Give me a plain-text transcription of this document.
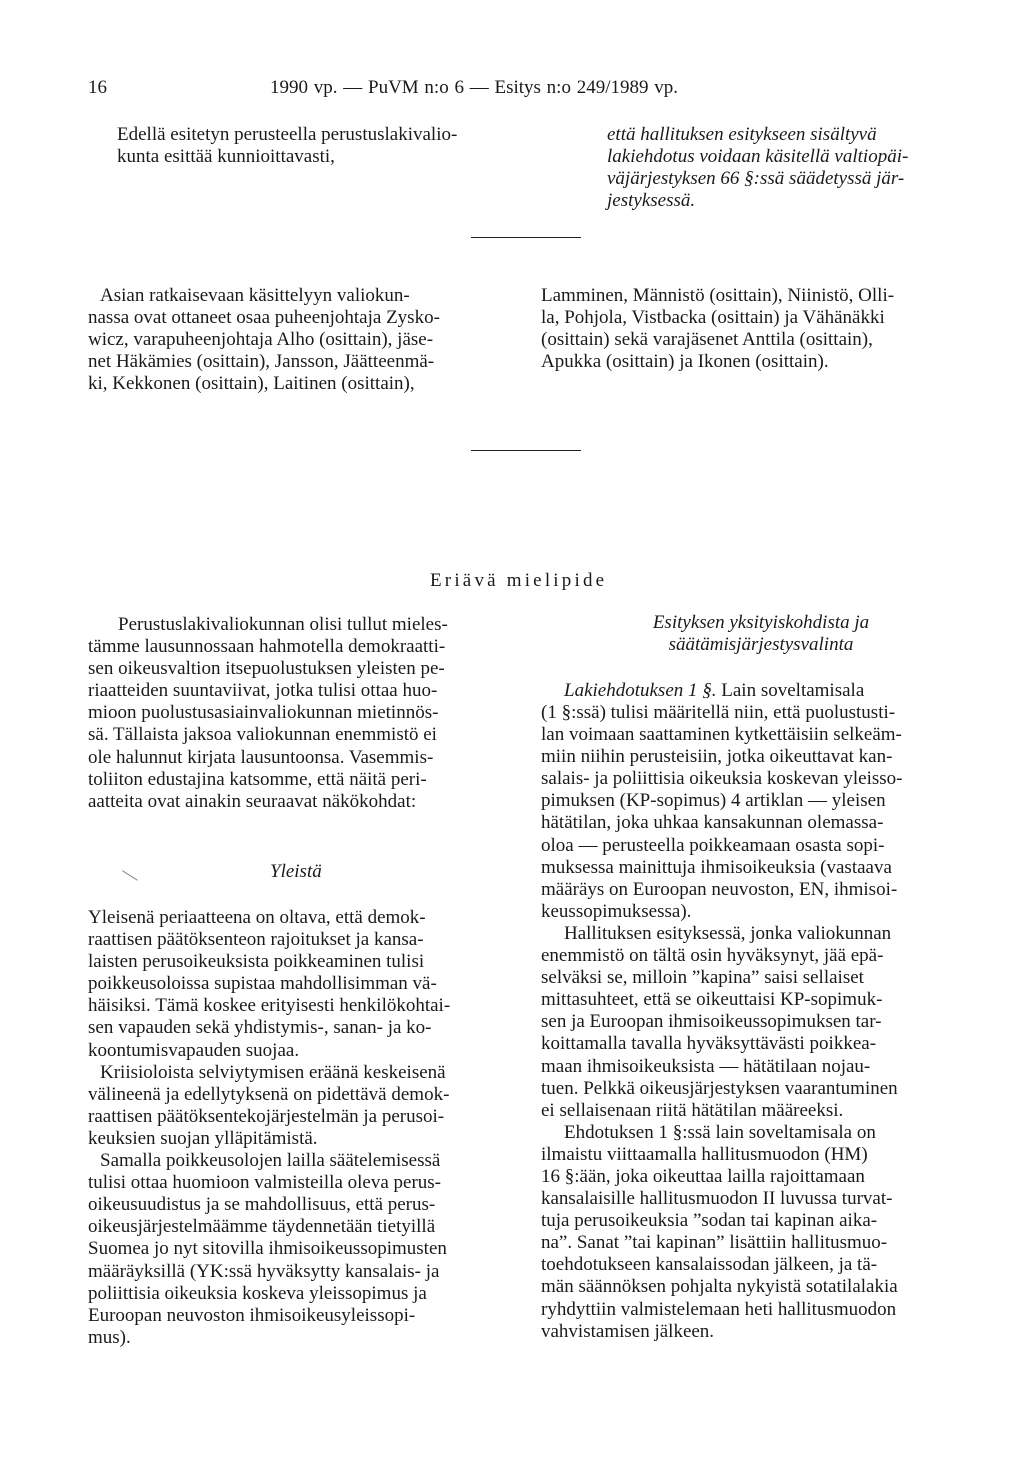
16	1990 vp. — PuVM n:o 6 — Esitys n:o 249/1989 vp.
Edellä esitetyn perusteella perustuslakivalio-
kunta esittää kunnioittavasti,
että hallituksen esitykseen sisältyvä
lakiehdotus voidaan käsitellä valtiopäi-
väjärjestyksen 66 §:ssä säädetyssä jär-
jestyksessä.
Asian ratkaisevaan käsittelyyn valiokun-
nassa ovat ottaneet osaa puheenjohtaja Zysko-
wicz, varapuheenjohtaja Alho (osittain), jäse-
net Häkämies (osittain), Jansson, Jäätteenmä-
ki, Kekkonen (osittain), Laitinen (osittain),
Lamminen, Männistö (osittain), Niinistö, Olli-
la, Pohjola, Vistbacka (osittain) ja Vähänäkki
(osittain) sekä varajäsenet Anttila (osittain),
Apukka (osittain) ja Ikonen (osittain).
Eriävä mielipide
Perustuslakivaliokunnan olisi tullut mieles-
tämme lausunnossaan hahmotella demokraatti-
sen oikeusvaltion itsepuolustuksen yleisten pe-
riaatteiden suuntaviivat, jotka tulisi ottaa huo-
mioon puolustusasiainvaliokunnan mietinnös-
sä. Tällaista jaksoa valiokunnan enemmistö ei
ole halunnut kirjata lausuntoonsa. Vasemmis-
toliiton edustajina katsomme, että näitä peri-
aatteita ovat ainakin seuraavat näkökohdat:
Yleistä
Yleisenä periaatteena on oltava, että demok-
raattisen päätöksenteon rajoitukset ja kansa-
laisten perusoikeuksista poikkeaminen tulisi
poikkeusoloissa supistaa mahdollisimman vä-
häisiksi. Tämä koskee erityisesti henkilökohtai-
sen vapauden sekä yhdistymis-, sanan- ja ko-
koontumisvapauden suojaa.
Kriisioloista selviytymisen eräänä keskeisenä
välineenä ja edellytyksenä on pidettävä demok-
raattisen päätöksentekojärjestelmän ja perusoi-
keuksien suojan ylläpitämistä.
Samalla poikkeusolojen lailla säätelemisessä
tulisi ottaa huomioon valmisteilla oleva perus-
oikeusuudistus ja se mahdollisuus, että perus-
oikeusjärjestelmäämme täydennetään tietyillä
Suomea jo nyt sitovilla ihmisoikeussopimusten
määräyksillä (YK:ssä hyväksytty kansalais- ja
poliittisia oikeuksia koskeva yleissopimus ja
Euroopan neuvoston ihmisoikeusyleissopi-
mus).
Esityksen yksityiskohdista ja
säätämisjärjestysvalinta
Lakiehdotuksen 1 §. Lain soveltamisala
(1 §:ssä) tulisi määritellä niin, että puolustusti-
lan voimaan saattaminen kytkettäisiin selkeäm-
miin niihin perusteisiin, jotka oikeuttavat kan-
salais- ja poliittisia oikeuksia koskevan yleisso-
pimuksen (KP-sopimus) 4 artiklan — yleisen
hätätilan, joka uhkaa kansakunnan olemassa-
oloa — perusteella poikkeamaan osasta sopi-
muksessa mainittuja ihmisoikeuksia (vastaava
määräys on Euroopan neuvoston, EN, ihmisoi-
keussopimuksessa).
Hallituksen esityksessä, jonka valiokunnan
enemmistö on tältä osin hyväksynyt, jää epä-
selväksi se, milloin ”kapina” saisi sellaiset
mittasuhteet, että se oikeuttaisi KP-sopimuk-
sen ja Euroopan ihmisoikeussopimuksen tar-
koittamalla tavalla hyväksyttävästi poikkea-
maan ihmisoikeuksista — hätätilaan nojau-
tuen. Pelkkä oikeusjärjestyksen vaarantuminen
ei sellaisenaan riitä hätätilan määreeksi.
Ehdotuksen 1 §:ssä lain soveltamisala on
ilmaistu viittaamalla hallitusmuodon (HM)
16 §:ään, joka oikeuttaa lailla rajoittamaan
kansalaisille hallitusmuodon II luvussa turvat-
tuja perusoikeuksia ”sodan tai kapinan aika-
na”. Sanat ”tai kapinan” lisättiin hallitusmuo-
toehdotukseen kansalaissodan jälkeen, ja tä-
män säännöksen pohjalta nykyistä sotatilalakia
ryhdyttiin valmistelemaan heti hallitusmuodon
vahvistamisen jälkeen.
